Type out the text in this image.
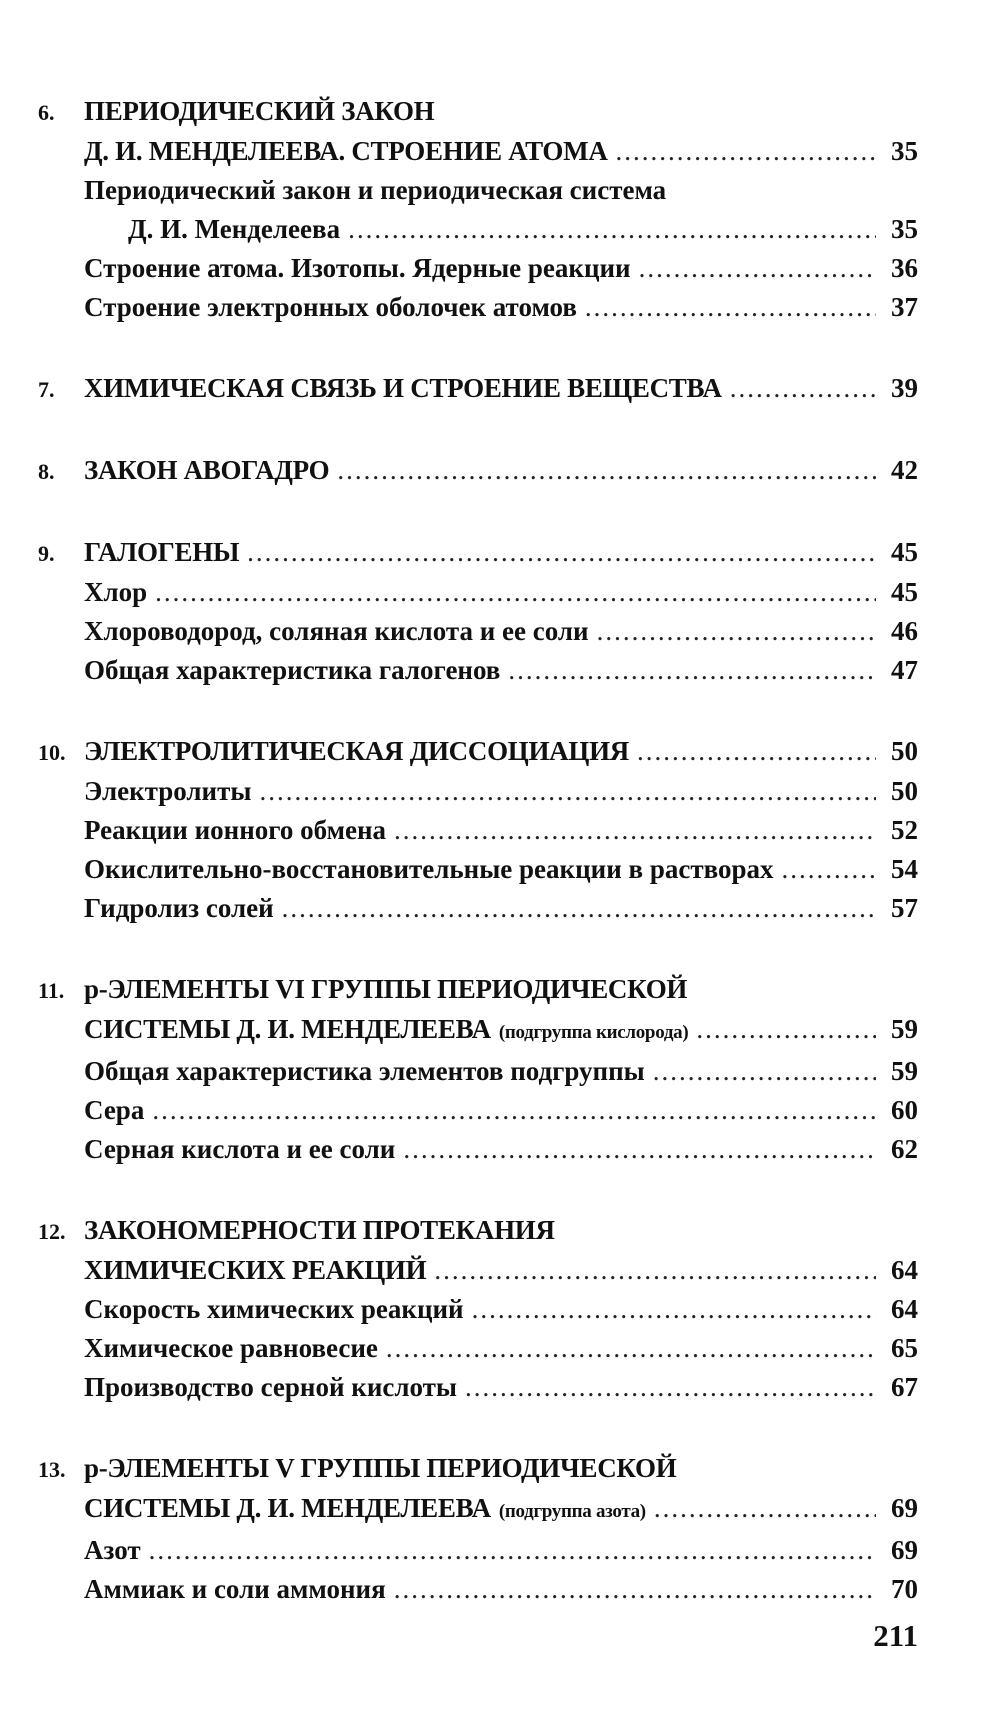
6.	ПЕРИОДИЧЕСКИЙ ЗАКОН
Д. И. МЕНДЕЛЕЕВА. СТРОЕНИЕ АТОМА .....	35
Периодический закон и периодическая система
Д. И. Менделеева .....	35
Строение атома. Изотопы. Ядерные реакции .....	36
Строение электронных оболочек атомов .....	37
7.	ХИМИЧЕСКАЯ СВЯЗЬ И СТРОЕНИЕ ВЕЩЕСТВА .....	39
8.	ЗАКОН АВОГАДРО .....	42
9.	ГАЛОГЕНЫ .....	45
Хлор .....	45
Хлороводород, соляная кислота и ее соли .....	46
Общая характеристика галогенов .....	47
10. ЭЛЕКТРОЛИТИЧЕСКАЯ ДИССОЦИАЦИЯ .....	50
Электролиты .....	50
Реакции ионного обмена .....	52
Окислительно-восстановительные реакции в растворах .....	54
Гидролиз солей .....	57
11. p-ЭЛЕМЕНТЫ VI ГРУППЫ ПЕРИОДИЧЕСКОЙ
СИСТЕМЫ Д. И. МЕНДЕЛЕЕВА (подгруппа кислорода) .....	59
Общая характеристика элементов подгруппы .....	59
Сера .....	60
Серная кислота и ее соли .....	62
12. ЗАКОНОМЕРНОСТИ ПРОТЕКАНИЯ
ХИМИЧЕСКИХ РЕАКЦИЙ .....	64
Скорость химических реакций .....	64
Химическое равновесие .....	65
Производство серной кислоты .....	67
13. p-ЭЛЕМЕНТЫ V ГРУППЫ ПЕРИОДИЧЕСКОЙ
СИСТЕМЫ Д. И. МЕНДЕЛЕЕВА (подгруппа азота) .....	69
Азот .....	69
Аммиак и соли аммония .....	70
211
